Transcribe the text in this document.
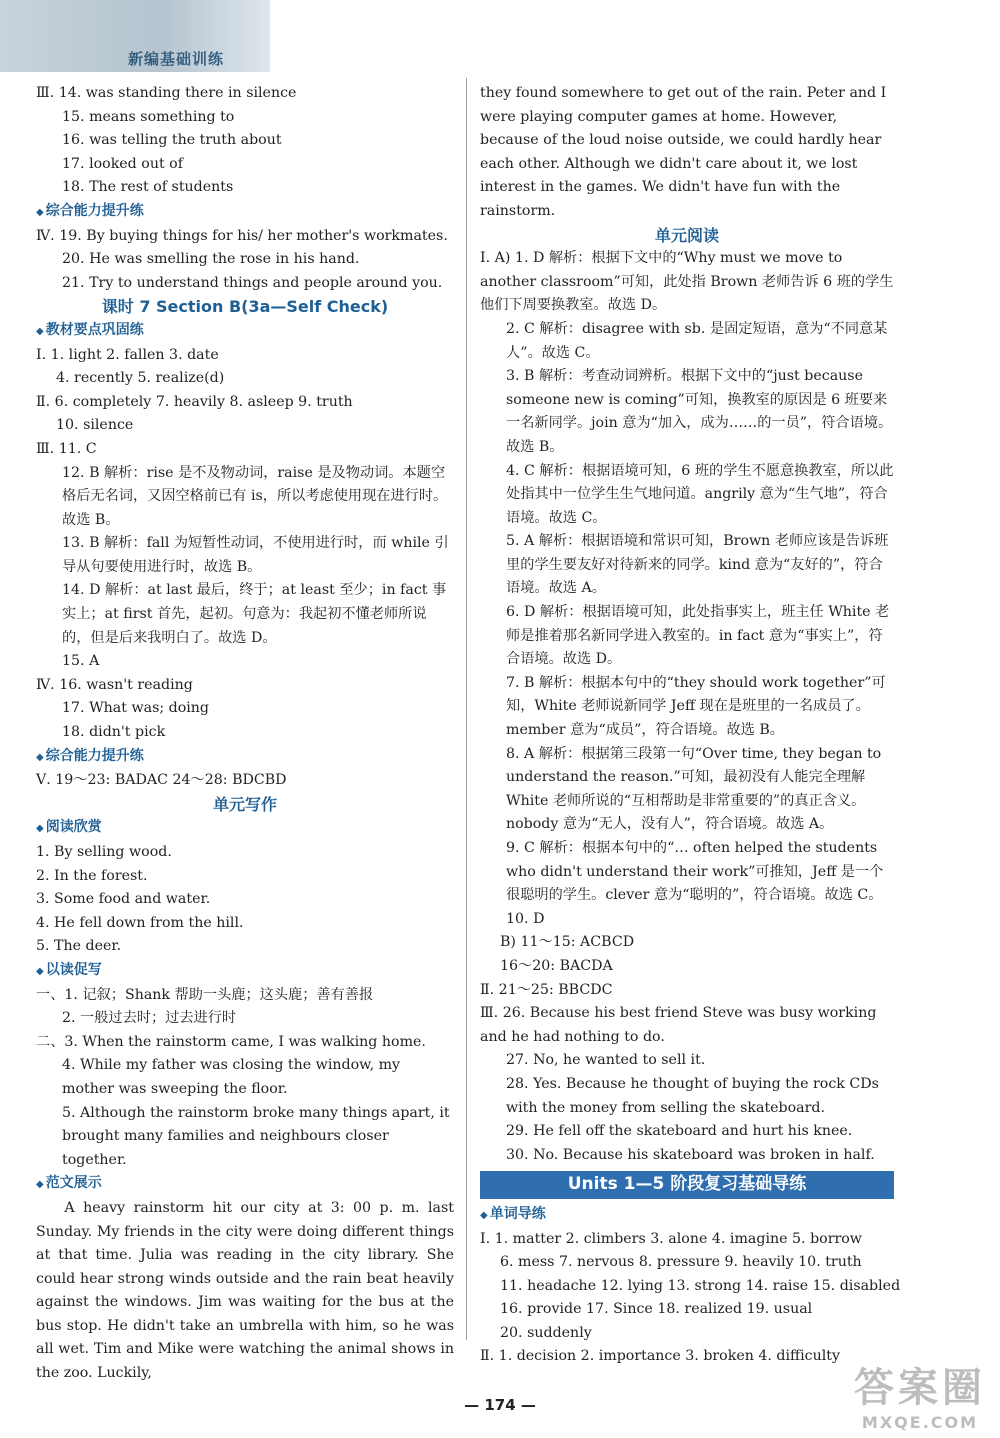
新编基础训练
Ⅲ. 14. was standing there in silence
15. means something to
16. was telling the truth about
17. looked out of
18. The rest of students
◆ 综合能力提升练
Ⅳ. 19. By buying things for his/ her mother's workmates.
20. He was smelling the rose in his hand.
21. Try to understand things and people around you.
课时 7 Section B(3a—Self Check)
◆ 教材要点巩固练
Ⅰ. 1. light 2. fallen 3. date
4. recently 5. realize(d)
Ⅱ. 6. completely 7. heavily 8. asleep 9. truth
10. silence
Ⅲ. 11. C
12. B 解析：rise 是不及物动词，raise 是及物动词。本题空格后无名词，又因空格前已有 is，所以考虑使用现在进行时。故选 B。
13. B 解析：fall 为短暂性动词，不使用进行时，而 while 引导从句要使用进行时，故选 B。
14. D 解析：at last 最后，终于；at least 至少；in fact 事实上；at first 首先，起初。句意为：我起初不懂老师所说的，但是后来我明白了。故选 D。
15. A
Ⅳ. 16. wasn't reading
17. What was; doing
18. didn't pick
◆ 综合能力提升练
Ⅴ. 19～23: BADAC 24～28: BDCBD
单元写作
◆ 阅读欣赏
1. By selling wood.
2. In the forest.
3. Some food and water.
4. He fell down from the hill.
5. The deer.
◆ 以读促写
一、1. 记叙；Shank 帮助一头鹿；这头鹿；善有善报
2. 一般过去时；过去进行时
二、3. When the rainstorm came, I was walking home.
4. While my father was closing the window, my mother was sweeping the floor.
5. Although the rainstorm broke many things apart, it brought many families and neighbours closer together.
◆ 范文展示
A heavy rainstorm hit our city at 3: 00 p. m. last Sunday. My friends in the city were doing different things at that time. Julia was reading in the city library. She could hear strong winds outside and the rain beat heavily against the windows. Jim was waiting for the bus at the bus stop. He didn't take an umbrella with him, so he was all wet. Tim and Mike were watching the animal shows in the zoo. Luckily,
they found somewhere to get out of the rain. Peter and I were playing computer games at home. However, because of the loud noise outside, we could hardly hear each other. Although we didn't care about it, we lost interest in the games. We didn't have fun with the rainstorm.
单元阅读
Ⅰ. A) 1. D 解析：根据下文中的“Why must we move to another classroom”可知，此处指 Brown 老师告诉 6 班的学生他们下周要换教室。故选 D。
2. C 解析：disagree with sb. 是固定短语，意为“不同意某人”。故选 C。
3. B 解析：考查动词辨析。根据下文中的“just because someone new is coming”可知，换教室的原因是 6 班要来一名新同学。join 意为“加入，成为……的一员”，符合语境。故选 B。
4. C 解析：根据语境可知，6 班的学生不愿意换教室，所以此处指其中一位学生生气地问道。angrily 意为“生气地”，符合语境。故选 C。
5. A 解析：根据语境和常识可知，Brown 老师应该是告诉班里的学生要友好对待新来的同学。kind 意为“友好的”，符合语境。故选 A。
6. D 解析：根据语境可知，此处指事实上，班主任 White 老师是推着那名新同学进入教室的。in fact 意为“事实上”，符合语境。故选 D。
7. B 解析：根据本句中的“they should work together”可知，White 老师说新同学 Jeff 现在是班里的一名成员了。member 意为“成员”，符合语境。故选 B。
8. A 解析：根据第三段第一句“Over time, they began to understand the reason.”可知，最初没有人能完全理解 White 老师所说的“互相帮助是非常重要的”的真正含义。nobody 意为“无人，没有人”，符合语境。故选 A。
9. C 解析：根据本句中的“… often helped the students who didn't understand their work”可推知，Jeff 是一个很聪明的学生。clever 意为“聪明的”，符合语境。故选 C。
10. D
B) 11～15: ACBCD
16～20: BACDA
Ⅱ. 21～25: BBCDC
Ⅲ. 26. Because his best friend Steve was busy working and he had nothing to do.
27. No, he wanted to sell it.
28. Yes. Because he thought of buying the rock CDs with the money from selling the skateboard.
29. He fell off the skateboard and hurt his knee.
30. No. Because his skateboard was broken in half.
Units 1—5 阶段复习基础导练
◆ 单词导练
Ⅰ. 1. matter 2. climbers 3. alone 4. imagine 5. borrow
6. mess 7. nervous 8. pressure 9. heavily 10. truth
11. headache 12. lying 13. strong 14. raise 15. disabled
16. provide 17. Since 18. realized 19. usual
20. suddenly
Ⅱ. 1. decision 2. importance 3. broken 4. difficulty
— 174 —	答案圈
MXQE.COM
